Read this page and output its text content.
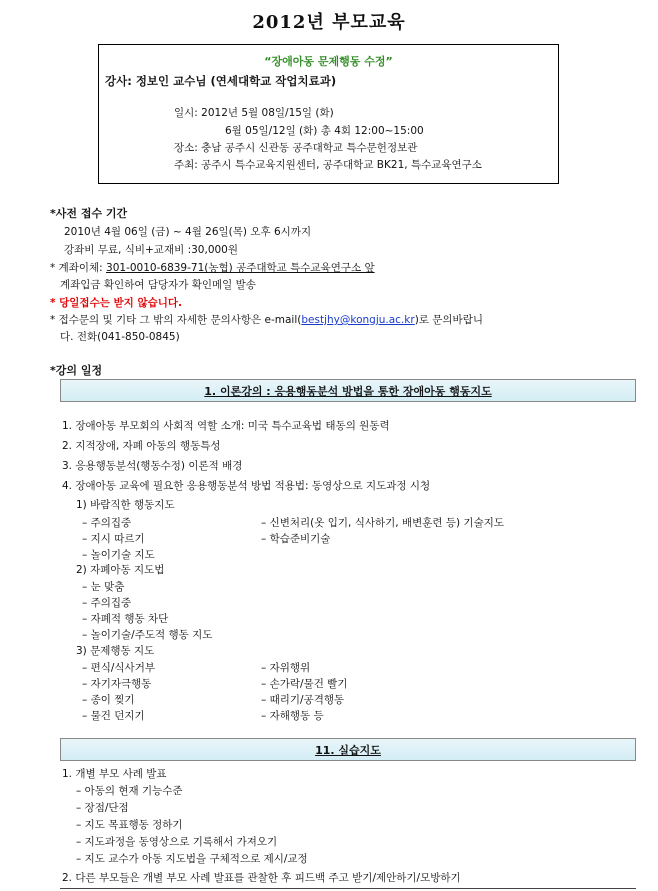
2012년 부모교육
“장애아동 문제행동 수정”
강사: 정보인 교수님 (연세대학교 작업치료과)
일시: 2012년 5월 08일/15일 (화)
6월 05일/12일 (화) 총 4회 12:00~15:00
장소: 충남 공주시 신관동 공주대학교 특수문헌정보관
주최: 공주시 특수교육지원센터, 공주대학교 BK21, 특수교육연구소
*사전 접수 기간
2010년 4월 06일 (금) ~ 4월 26일(목) 오후 6시까지
강좌비 무료, 식비+교재비 :30,000원
* 계좌이체: 301-0010-6839-71(농협) 공주대학교 특수교육연구소 앞
계좌입금 확인하여 담당자가 확인메일 발송
* 당일접수는 받지 않습니다.
* 접수문의 및 기타 그 밖의 자세한 문의사항은 e-mail(bestjhy@kongju.ac.kr)로 문의바랍니
다. 전화(041-850-0845)
*강의 일정
1. 이론강의 : 응용행동분석 방법을 통한 장애아동 행동지도
1. 장애아동 부모회의 사회적 역할 소개: 미국 특수교육법 태동의 원동력
2. 지적장애, 자폐 아동의 행동특성
3. 응용행동분석(행동수정) 이론적 배경
4. 장애아동 교육에 필요한 응용행동분석 방법 적용법: 동영상으로 지도과정 시청
1) 바람직한 행동지도
– 주의집중
– 지시 따르기
– 놀이기술 지도
– 신변처리(옷 입기, 식사하기, 배변훈련 등) 기술지도
– 학습준비기술
2) 자폐아동 지도법
– 눈 맞춤
– 주의집중
– 자폐적 행동 차단
– 놀이기술/주도적 행동 지도
3) 문제행동 지도
– 편식/식사거부
– 자기자극행동
– 종이 찢기
– 물건 던지기
– 자위행위
– 손가락/물건 빨기
– 때리기/공격행동
– 자해행동 등
11. 실습지도
1. 개별 부모 사례 발표
– 아동의 현재 기능수준
– 장점/단점
– 지도 목표행동 정하기
– 지도과정을 동영상으로 기록해서 가져오기
– 지도 교수가 아동 지도법을 구체적으로 제시/교정
2. 다른 부모들은 개별 부모 사례 발표를 관찰한 후 피드백 주고 받기/제안하기/모방하기
